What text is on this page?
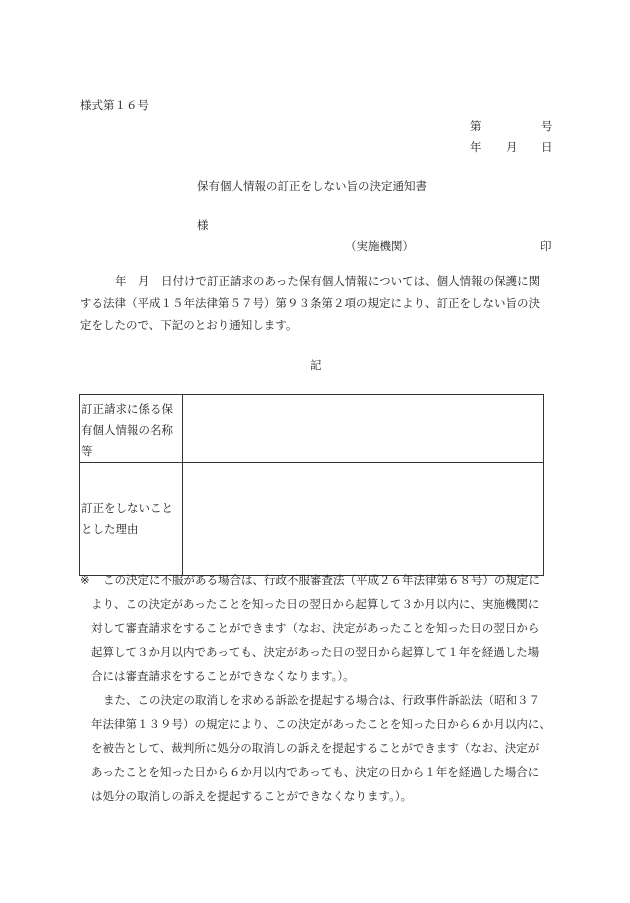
様式第１６号
第	号
年 月 日
保有個人情報の訂正をしない旨の決定通知書
様
（実施機関）	印
年　月　日付けで訂正請求のあった保有個人情報については、個人情報の保護に関
する法律（平成１５年法律第５７号）第９３条第２項の規定により、訂正をしない旨の決
定をしたので、下記のとおり通知します。
記
訂正請求に係る保
有個人情報の名称
等	

訂正をしないこと
とした理由	

※	この決定に不服がある場合は、行政不服審査法（平成２６年法律第６８号）の規定に
より、この決定があったことを知った日の翌日から起算して３か月以内に、実施機関に
対して審査請求をすることができます（なお、決定があったことを知った日の翌日から
起算して３か月以内であっても、決定があった日の翌日から起算して１年を経過した場
合には審査請求をすることができなくなります。）。
また、この決定の取消しを求める訴訟を提起する場合は、行政事件訴訟法（昭和３７
年法律第１３９号）の規定により、この決定があったことを知った日から６か月以内に、
を被告として、裁判所に処分の取消しの訴えを提起することができます（なお、決定が
あったことを知った日から６か月以内であっても、決定の日から１年を経過した場合に
は処分の取消しの訴えを提起することができなくなります。）。
